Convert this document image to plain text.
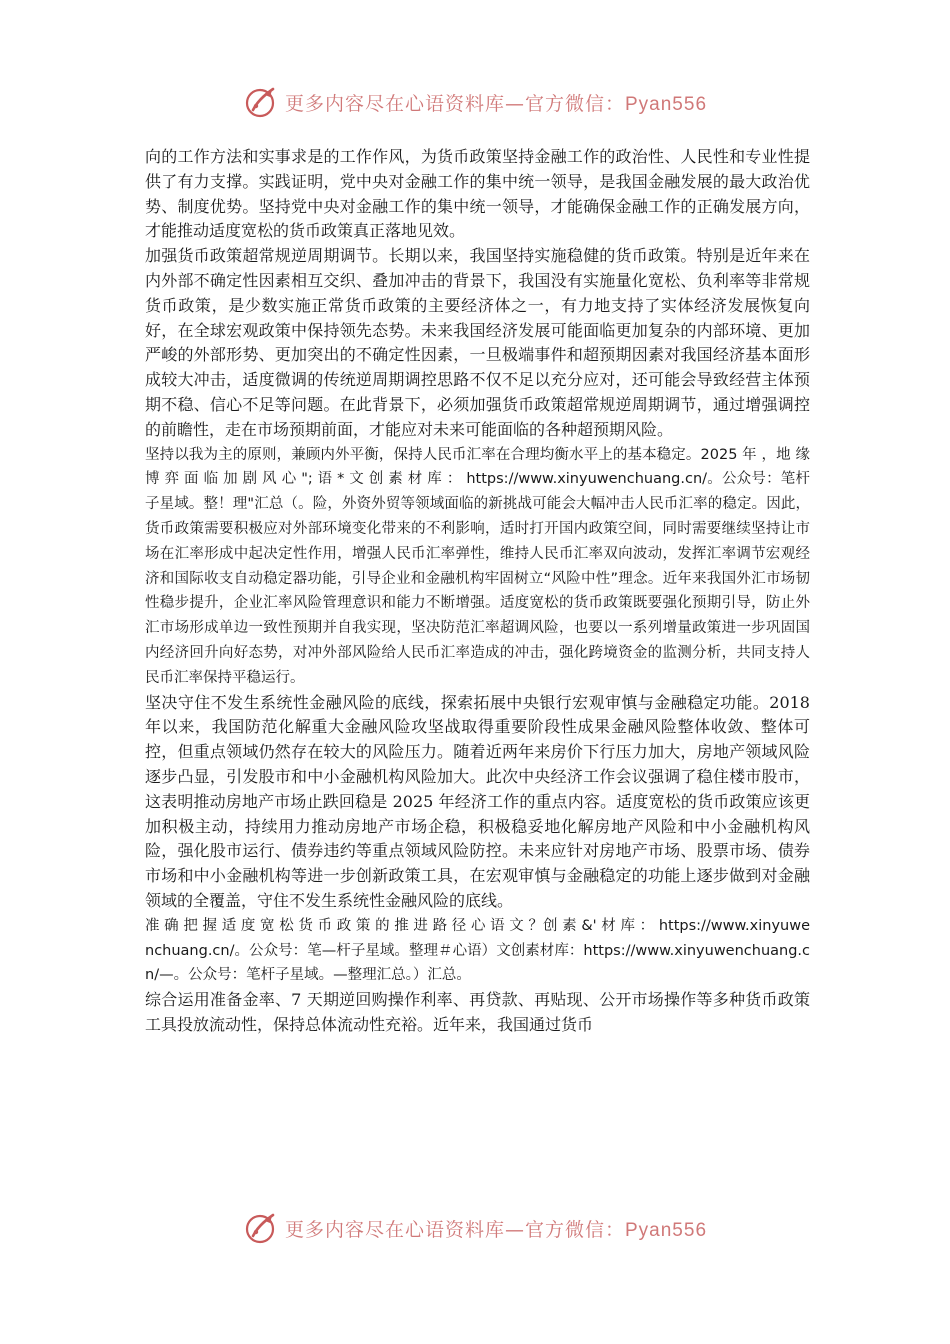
更多内容尽在心语资料库—官方微信：Pyan556

向的工作方法和实事求是的工作作风，为货币政策坚持金融工作的政治性、人民性和专业性提供了有力支撑。实践证明，党中央对金融工作的集中统一领导，是我国金融发展的最大政治优势、制度优势。坚持党中央对金融工作的集中统一领导，才能确保金融工作的正确发展方向，才能推动适度宽松的货币政策真正落地见效。

加强货币政策超常规逆周期调节。长期以来，我国坚持实施稳健的货币政策。特别是近年来在内外部不确定性因素相互交织、叠加冲击的背景下，我国没有实施量化宽松、负利率等非常规货币政策，是少数实施正常货币政策的主要经济体之一，有力地支持了实体经济发展恢复向好，在全球宏观政策中保持领先态势。未来我国经济发展可能面临更加复杂的内部环境、更加严峻的外部形势、更加突出的不确定性因素，一旦极端事件和超预期因素对我国经济基本面形成较大冲击，适度微调的传统逆周期调控思路不仅不足以充分应对，还可能会导致经营主体预期不稳、信心不足等问题。在此背景下，必须加强货币政策超常规逆周期调节，通过增强调控的前瞻性，走在市场预期前面，才能应对未来可能面临的各种超预期风险。

坚持以我为主的原则，兼顾内外平衡，保持人民币汇率在合理均衡水平上的基本稳定。2025 年 ，地 缘 博 弈 面 临 加 剧 风 心 "; 语 * 文 创 素 材 库 ： https://www.xinyuwenchuang.cn/。公众号：笔杆子星域。整！理"汇总（。险，外资外贸等领域面临的新挑战可能会大幅冲击人民币汇率的稳定。因此，货币政策需要积极应对外部环境变化带来的不利影响，适时打开国内政策空间，同时需要继续坚持让市场在汇率形成中起决定性作用，增强人民币汇率弹性，维持人民币汇率双向波动，发挥汇率调节宏观经济和国际收支自动稳定器功能，引导企业和金融机构牢固树立“风险中性”理念。近年来我国外汇市场韧性稳步提升，企业汇率风险管理意识和能力不断增强。适度宽松的货币政策既要强化预期引导，防止外汇市场形成单边一致性预期并自我实现，坚决防范汇率超调风险，也要以一系列增量政策进一步巩固国内经济回升向好态势，对冲外部风险给人民币汇率造成的冲击，强化跨境资金的监测分析，共同支持人民币汇率保持平稳运行。

坚决守住不发生系统性金融风险的底线，探索拓展中央银行宏观审慎与金融稳定功能。2018 年以来，我国防范化解重大金融风险攻坚战取得重要阶段性成果金融风险整体收敛、整体可控，但重点领域仍然存在较大的风险压力。随着近两年来房价下行压力加大，房地产领域风险逐步凸显，引发股市和中小金融机构风险加大。此次中央经济工作会议强调了稳住楼市股市，这表明推动房地产市场止跌回稳是 2025 年经济工作的重点内容。适度宽松的货币政策应该更加积极主动，持续用力推动房地产市场企稳，积极稳妥地化解房地产风险和中小金融机构风险，强化股市运行、债券违约等重点领域风险防控。未来应针对房地产市场、股票市场、债券市场和中小金融机构等进一步创新政策工具，在宏观审慎与金融稳定的功能上逐步做到对金融领域的全覆盖，守住不发生系统性金融风险的底线。

准 确 把 握 适 度 宽 松 货 币 政 策 的 推 进 路 径 心 语 文 ？创 素 &' 材 库 ： https://www.xinyuwenchuang.cn/。公众号：笔—杆子星域。整理＃心语）文创素材库：https://www.xinyuwenchuang.cn/—。公众号：笔杆子星域。—整理汇总。）汇总。

综合运用准备金率、7 天期逆回购操作利率、再贷款、再贴现、公开市场操作等多种货币政策工具投放流动性，保持总体流动性充裕。近年来，我国通过货币

更多内容尽在心语资料库—官方微信：Pyan556
